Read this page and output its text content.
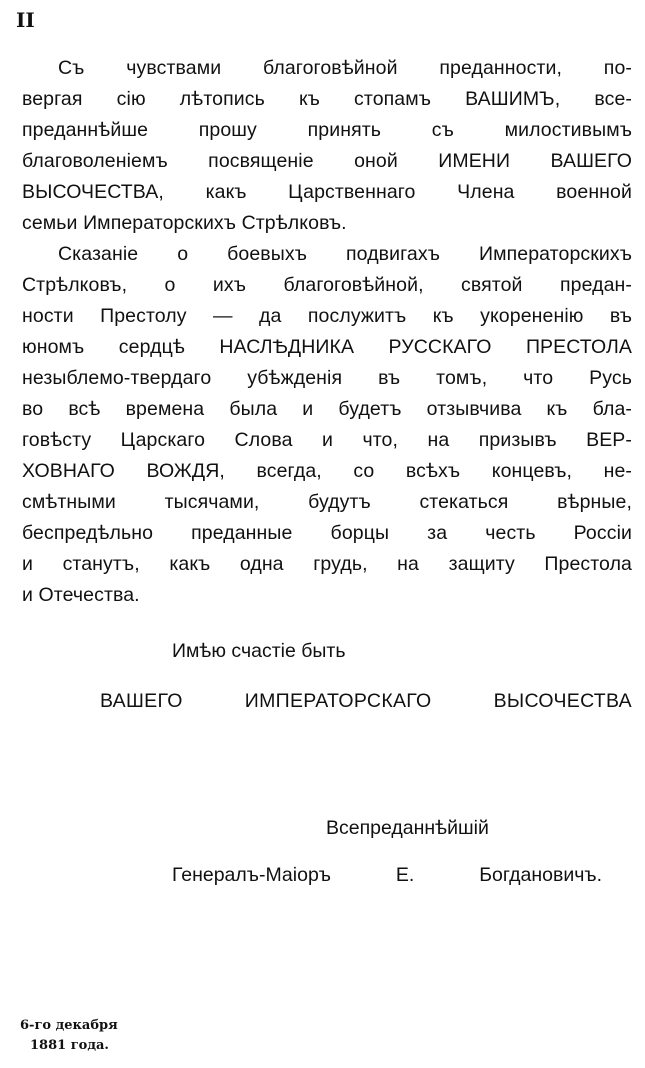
II
Съ чувствами благоговѣйной преданности, по-
вергая сію лѣтопись къ стопамъ ВАШИМЪ, все-
преданнѣйше прошу принять съ милостивымъ
благоволеніемъ посвященіе оной ИМЕНИ ВАШЕГО
ВЫСОЧЕСТВА, какъ Царственнаго Члена военной
семьи Императорскихъ Стрѣлковъ.
Сказаніе о боевыхъ подвигахъ Императорскихъ
Стрѣлковъ, о ихъ благоговѣйной, святой предан-
ности Престолу — да послужитъ къ укорененію въ
юномъ сердцѣ НАСЛѢДНИКА РУССКАГО ПРЕСТОЛА
незыблемо-твердаго убѣжденія въ томъ, что Русь
во всѣ времена была и будетъ отзывчива къ бла-
говѣсту Царскаго Слова и что, на призывъ ВЕР-
ХОВНАГО ВОЖДЯ, всегда, со всѣхъ концевъ, не-
смѣтными тысячами, будутъ стекаться вѣрные,
беспредѣльно преданные борцы за честь Россіи
и станутъ, какъ одна грудь, на защиту Престола
и Отечества.
Имѣю счастіе быть
ВАШЕГО ИМПЕРАТОРСКАГО ВЫСОЧЕСТВА
Всепреданнѣйшій
Генералъ-Маіоръ Е. Богдановичъ.
6-го декабря
1881 года.
